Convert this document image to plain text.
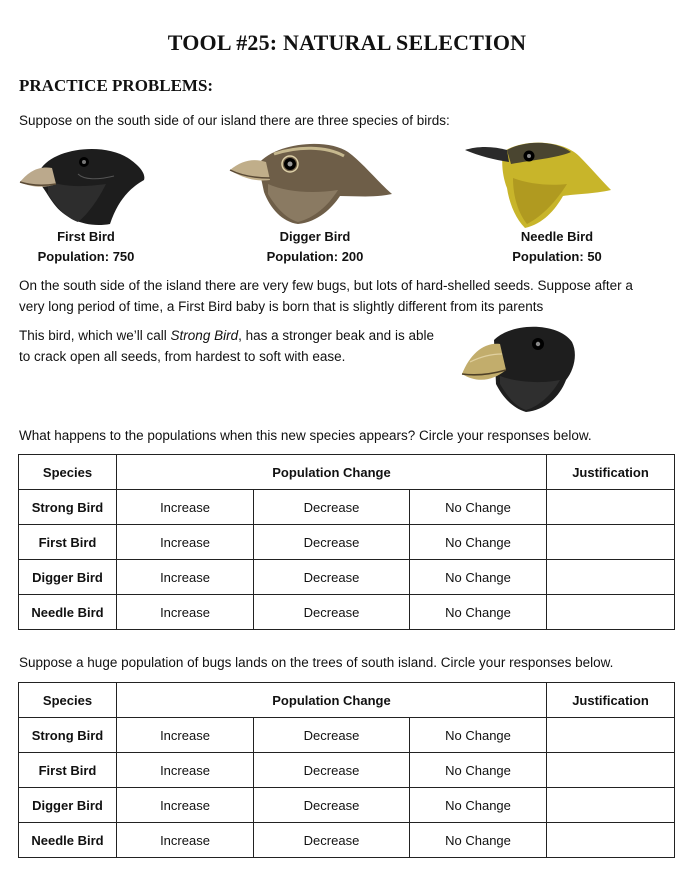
TOOL #25: NATURAL SELECTION
PRACTICE PROBLEMS:
Suppose on the south side of our island there are three species of birds:
First Bird
Population: 750
Digger Bird
Population: 200
Needle Bird
Population: 50
On the south side of the island there are very few bugs, but lots of hard-shelled seeds. Suppose after a
very long period of time, a First Bird baby is born that is slightly different from its parents
This bird, which we’ll call Strong Bird, has a stronger beak and is able
to crack open all seeds, from hardest to soft with ease.
What happens to the populations when this new species appears? Circle your responses below.
Species	Population Change			Justification
Strong Bird	Increase	Decrease	No Change	
First Bird	Increase	Decrease	No Change	
Digger Bird	Increase	Decrease	No Change	
Needle Bird	Increase	Decrease	No Change	
Suppose a huge population of bugs lands on the trees of south island. Circle your responses below.
Species	Population Change			Justification
Strong Bird	Increase	Decrease	No Change	
First Bird	Increase	Decrease	No Change	
Digger Bird	Increase	Decrease	No Change	
Needle Bird	Increase	Decrease	No Change	
